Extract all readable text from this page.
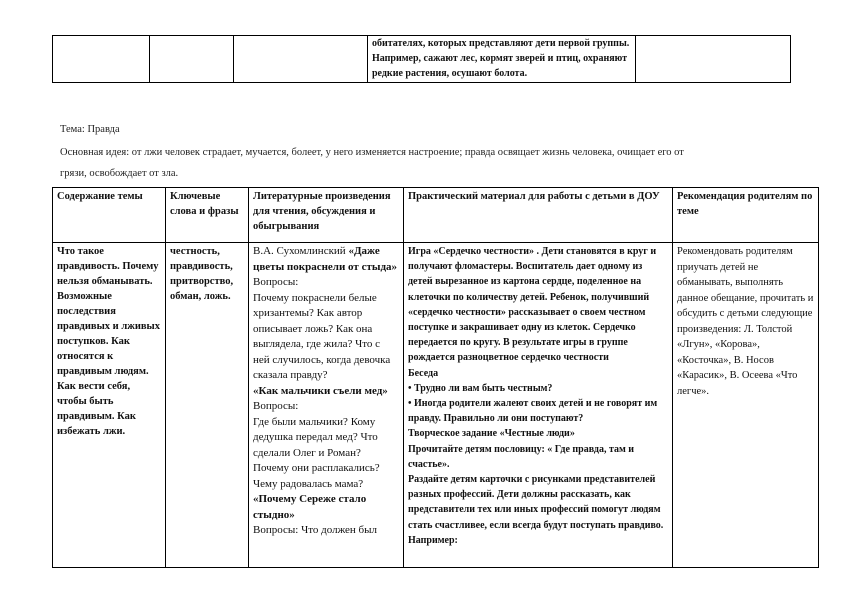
			обитателях, которых представляют дети первой группы. Например, сажают лес, кормят зверей и птиц, охраняют редкие растения, осушают болота.	
Тема: Правда
Основная идея: от лжи человек страдает, мучается, болеет, у него изменяется настроение; правда освящает жизнь человека, очищает его от
грязи, освобождает от зла.
Содержание темы	Ключевые слова и фразы	Литературные произведения для чтения, обсуждения и обыгрывания	Практический материал для работы с детьми в ДОУ	Рекомендация родителям по теме
Что такое правдивость. Почему нельзя обманывать. Возможные последствия правдивых и лживых поступков. Как относятся к правдивым людям. Как вести себя, чтобы быть правдивым. Как избежать лжи.	честность, правдивость, притворство, обман, ложь.	В.А. Сухомлинский «Даже цветы покраснели от стыда»
Вопросы:
Почему покраснели белые хризантемы? Как автор описывает ложь? Как она выглядела, где жила? Что с ней случилось, когда девочка сказала правду?
«Как мальчики съели мед»
Вопросы:
Где были мальчики? Кому дедушка передал мед? Что сделали Олег и Роман? Почему они расплакались? Чему радовалась мама?
«Почему Сереже стало стыдно»
Вопросы: Что должен был	Игра «Сердечко честности» . Дети становятся в круг и получают фломастеры. Воспитатель дает одному из детей вырезанное из картона сердце, поделенное на клеточки по количеству детей. Ребенок, получивший «сердечко честности» рассказывает о своем честном поступке и закрашивает одну из клеток. Сердечко передается по кругу. В результате игры в группе рождается разноцветное сердечко честности
Беседа
• Трудно ли вам быть честным?
• Иногда родители жалеют своих детей и не говорят им правду. Правильно ли они поступают?
Творческое задание «Честные люди»
Прочитайте детям пословицу: « Где правда, там и счастье».
Раздайте детям карточки с рисунками представителей разных профессий. Дети должны рассказать, как представители тех или иных профессий помогут людям стать счастливее, если всегда будут поступать правдиво. Например:	Рекомендовать родителям приучать детей не обманывать, выполнять данное обещание, прочитать и обсудить с детьми следующие произведения: Л. Толстой «Лгун», «Корова», «Косточка», В. Носов «Карасик», В. Осеева «Что легче».
